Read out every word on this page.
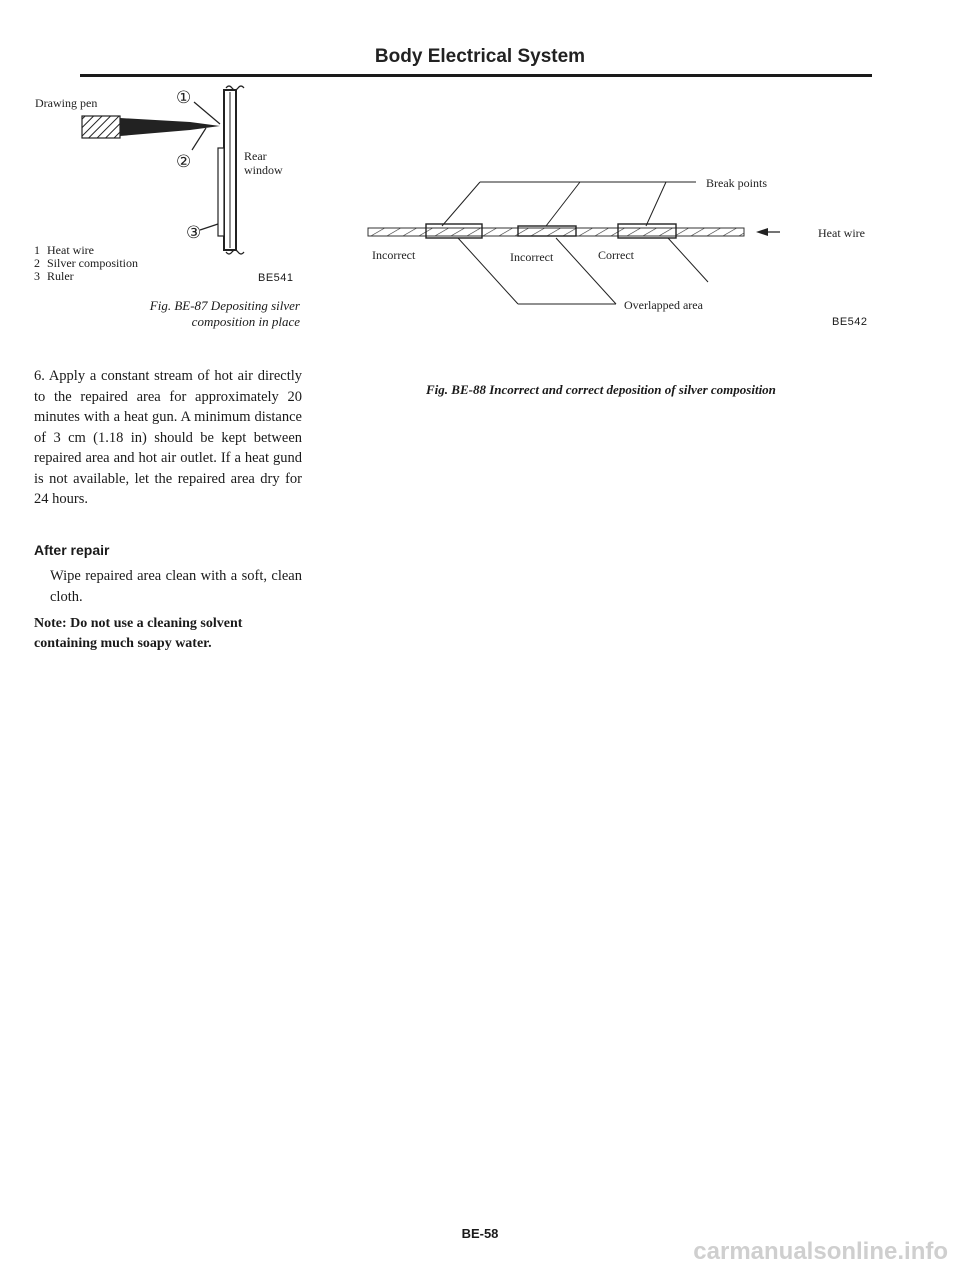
Body Electrical System
Drawing pen	①
②
③
Rear
window
1 Heat wire
2 Silver composition
3 Ruler	BE541
Fig. BE-87 Depositing silver
composition in place
6. Apply a constant stream of hot air directly to the repaired area for approximately 20 minutes with a heat gun. A minimum distance of 3 cm (1.18 in) should be kept between repaired area and hot air outlet. If a heat gund is not available, let the repaired area dry for 24 hours.
After repair
Wipe repaired area clean with a soft, clean cloth.
Note: Do not use a cleaning solvent containing much soapy water.
Break points
Heat wire
Incorrect	Incorrect	Correct
Overlapped area
BE542
Fig. BE-88 Incorrect and correct deposition of silver composition
BE-58
carmanualsonline.info
